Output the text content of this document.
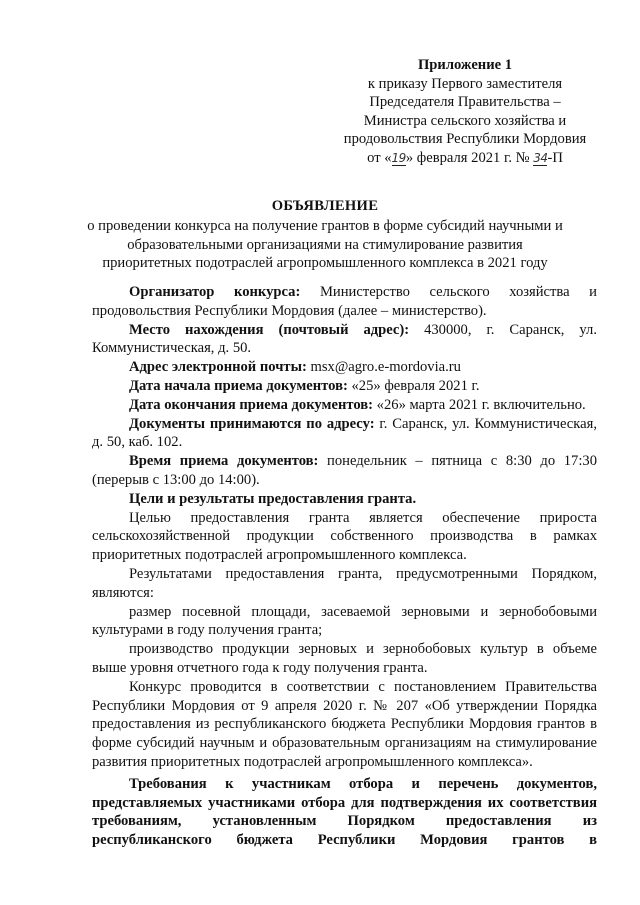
Приложение 1
к приказу Первого заместителя
Председателя Правительства –
Министра сельского хозяйства и
продовольствия Республики Мордовия
от «19» февраля 2021 г. № 34-П
ОБЪЯВЛЕНИЕ
о проведении конкурса на получение грантов в форме субсидий научными и
образовательными организациями на стимулирование развития
приоритетных подотраслей агропромышленного комплекса в 2021 году

Организатор конкурса: Министерство сельского хозяйства и продовольствия Республики Мордовия (далее – министерство).

Место нахождения (почтовый адрес): 430000, г. Саранск, ул. Коммунистическая, д. 50.

Адрес электронной почты: msx@agro.e-mordovia.ru

Дата начала приема документов: «25» февраля 2021 г.

Дата окончания приема документов: «26» марта 2021 г. включительно.

Документы принимаются по адресу: г. Саранск, ул. Коммунистическая, д. 50, каб. 102.

Время приема документов: понедельник – пятница с 8:30 до 17:30 (перерыв с 13:00 до 14:00).

Цели и результаты предоставления гранта.

Целью предоставления гранта является обеспечение прироста сельскохозяйственной продукции собственного производства в рамках приоритетных подотраслей агропромышленного комплекса.

Результатами предоставления гранта, предусмотренными Порядком, являются:

размер посевной площади, засеваемой зерновыми и зернобобовыми культурами в году получения гранта;

производство продукции зерновых и зернобобовых культур в объеме выше уровня отчетного года к году получения гранта.

Конкурс проводится в соответствии с постановлением Правительства Республики Мордовия от 9 апреля 2020 г. № 207 «Об утверждении Порядка предоставления из республиканского бюджета Республики Мордовия грантов в форме субсидий научным и образовательным организациям на стимулирование развития приоритетных подотраслей агропромышленного комплекса».

Требования к участникам отбора и перечень документов, представляемых участниками отбора для подтверждения их соответствия требованиям, установленным Порядком предоставления из республиканского бюджета Республики Мордовия грантов в
